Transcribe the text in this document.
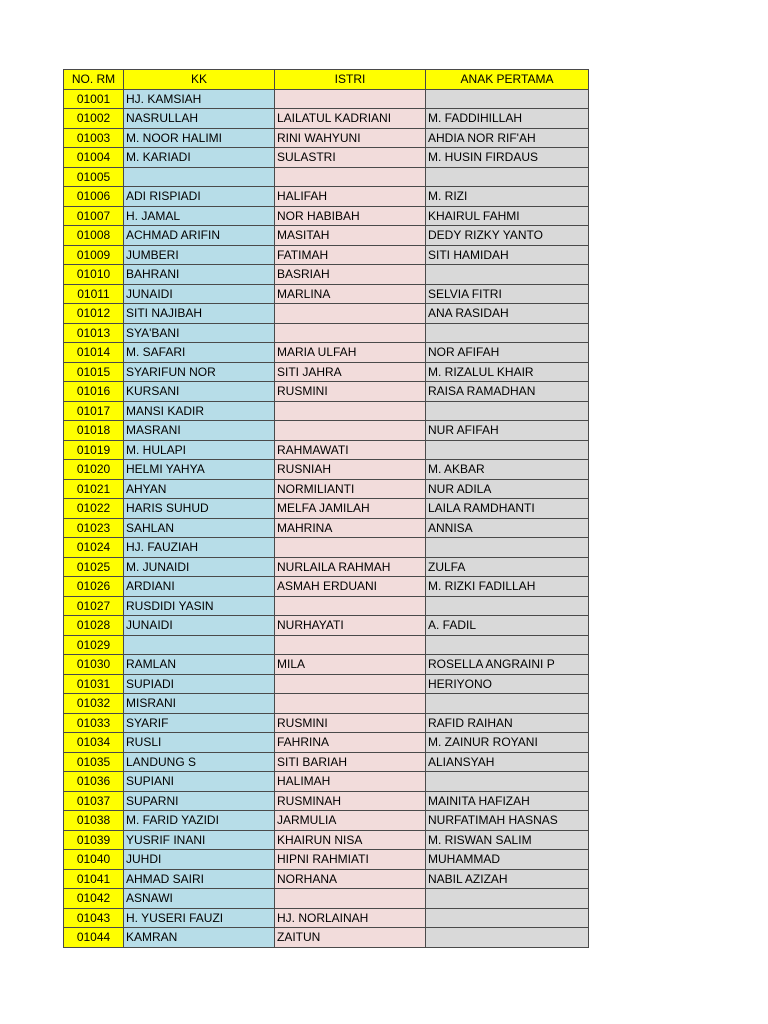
NO. RM	KK	ISTRI	ANAK PERTAMA
01001	HJ. KAMSIAH		
01002	NASRULLAH	LAILATUL KADRIANI	M. FADDIHILLAH
01003	M. NOOR HALIMI	RINI WAHYUNI	AHDIA NOR RIF'AH
01004	M. KARIADI	SULASTRI	M. HUSIN FIRDAUS
01005			
01006	ADI RISPIADI	HALIFAH	M. RIZI
01007	H. JAMAL	NOR HABIBAH	KHAIRUL FAHMI
01008	ACHMAD ARIFIN	MASITAH	DEDY RIZKY YANTO
01009	JUMBERI	FATIMAH	SITI HAMIDAH
01010	BAHRANI	BASRIAH	
01011	JUNAIDI	MARLINA	SELVIA FITRI
01012	SITI NAJIBAH		ANA RASIDAH
01013	SYA'BANI		
01014	M. SAFARI	MARIA ULFAH	NOR AFIFAH
01015	SYARIFUN NOR	SITI JAHRA	M. RIZALUL KHAIR
01016	KURSANI	RUSMINI	RAISA RAMADHAN
01017	MANSI KADIR		
01018	MASRANI		NUR AFIFAH
01019	M. HULAPI	RAHMAWATI	
01020	HELMI YAHYA	RUSNIAH	M. AKBAR
01021	AHYAN	NORMILIANTI	NUR ADILA
01022	HARIS SUHUD	MELFA JAMILAH	LAILA RAMDHANTI
01023	SAHLAN	MAHRINA	ANNISA
01024	HJ. FAUZIAH		
01025	M. JUNAIDI	NURLAILA RAHMAH	ZULFA
01026	ARDIANI	ASMAH ERDUANI	M. RIZKI FADILLAH
01027	RUSDIDI YASIN		
01028	JUNAIDI	NURHAYATI	A. FADIL
01029			
01030	RAMLAN	MILA	ROSELLA ANGRAINI P
01031	SUPIADI		HERIYONO
01032	MISRANI		
01033	SYARIF	RUSMINI	RAFID RAIHAN
01034	RUSLI	FAHRINA	M. ZAINUR ROYANI
01035	LANDUNG S	SITI BARIAH	ALIANSYAH
01036	SUPIANI	HALIMAH	
01037	SUPARNI	RUSMINAH	MAINITA HAFIZAH
01038	M. FARID YAZIDI	JARMULIA	NURFATIMAH HASNAS
01039	YUSRIF INANI	KHAIRUN NISA	M. RISWAN SALIM
01040	JUHDI	HIPNI RAHMIATI	MUHAMMAD
01041	AHMAD SAIRI	NORHANA	NABIL AZIZAH
01042	ASNAWI		
01043	H. YUSERI FAUZI	HJ. NORLAINAH	
01044	KAMRAN	ZAITUN	
